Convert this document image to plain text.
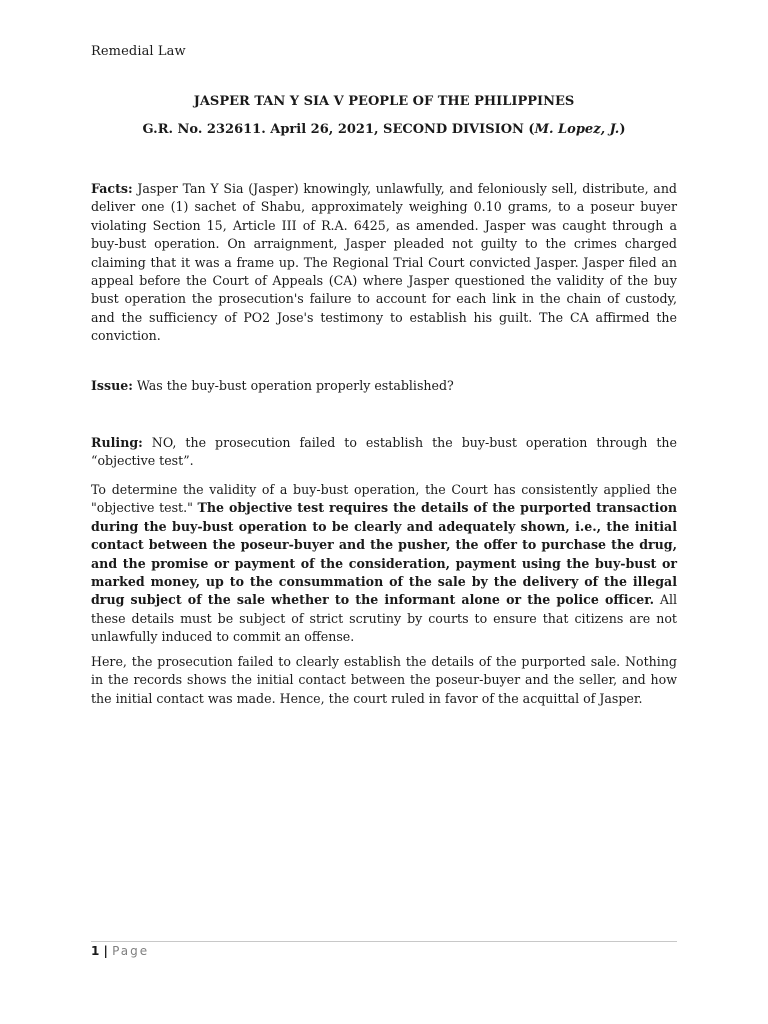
Remedial Law
JASPER TAN Y SIA V PEOPLE OF THE PHILIPPINES
G.R. No. 232611. April 26, 2021, SECOND DIVISION (M. Lopez, J.)
Facts: Jasper Tan Y Sia (Jasper) knowingly, unlawfully, and feloniously sell, distribute, and deliver one (1) sachet of Shabu, approximately weighing 0.10 grams, to a poseur buyer violating Section 15, Article III of R.A. 6425, as amended. Jasper was caught through a buy-bust operation. On arraignment, Jasper pleaded not guilty to the crimes charged claiming that it was a frame up. The Regional Trial Court convicted Jasper. Jasper filed an appeal before the Court of Appeals (CA) where Jasper questioned the validity of the buy bust operation the prosecution's failure to account for each link in the chain of custody, and the sufficiency of PO2 Jose's testimony to establish his guilt. The CA affirmed the conviction.
Issue: Was the buy-bust operation properly established?
Ruling: NO, the prosecution failed to establish the buy-bust operation through the “objective test”.
To determine the validity of a buy-bust operation, the Court has consistently applied the "objective test." The objective test requires the details of the purported transaction during the buy-bust operation to be clearly and adequately shown, i.e., the initial contact between the poseur-buyer and the pusher, the offer to purchase the drug, and the promise or payment of the consideration, payment using the buy-bust or marked money, up to the consummation of the sale by the delivery of the illegal drug subject of the sale whether to the informant alone or the police officer. All these details must be subject of strict scrutiny by courts to ensure that citizens are not unlawfully induced to commit an offense.
Here, the prosecution failed to clearly establish the details of the purported sale. Nothing in the records shows the initial contact between the poseur-buyer and the seller, and how the initial contact was made. Hence, the court ruled in favor of the acquittal of Jasper.
1 | Page
